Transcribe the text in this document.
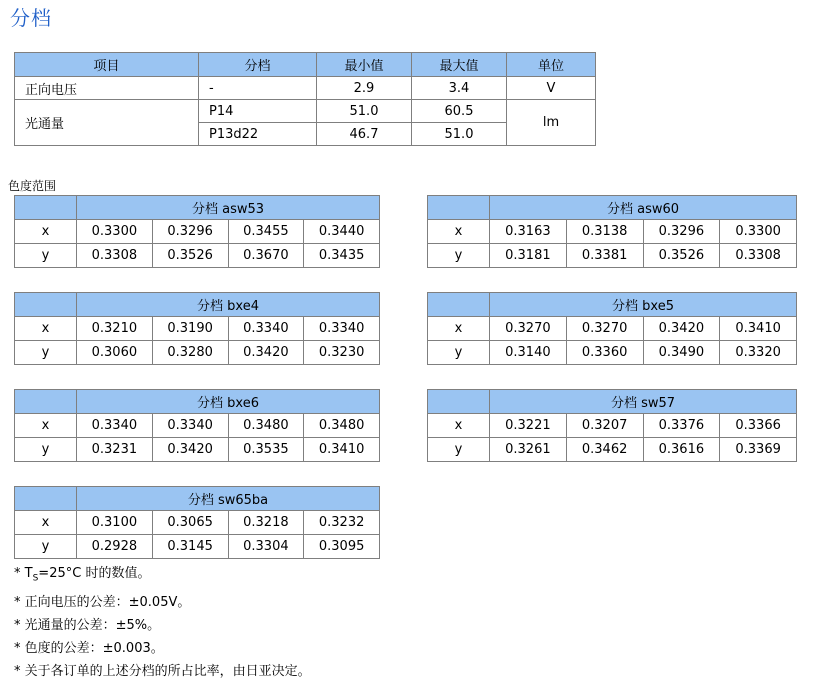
分档
项目	分档	最小值	最大值	单位
正向电压	-	2.9	3.4	V
光通量	P14	51.0	60.5	lm
	P13d22	46.7	51.0	
色度范围
	分档 asw53			
x	0.3300	0.3296	0.3455	0.3440
y	0.3308	0.3526	0.3670	0.3435
	分档 asw60			
x	0.3163	0.3138	0.3296	0.3300
y	0.3181	0.3381	0.3526	0.3308
	分档 bxe4			
x	0.3210	0.3190	0.3340	0.3340
y	0.3060	0.3280	0.3420	0.3230
	分档 bxe5			
x	0.3270	0.3270	0.3420	0.3410
y	0.3140	0.3360	0.3490	0.3320
	分档 bxe6			
x	0.3340	0.3340	0.3480	0.3480
y	0.3231	0.3420	0.3535	0.3410
	分档 sw57			
x	0.3221	0.3207	0.3376	0.3366
y	0.3261	0.3462	0.3616	0.3369
	分档 sw65ba			
x	0.3100	0.3065	0.3218	0.3232
y	0.2928	0.3145	0.3304	0.3095
* $T_S=25^\circ C$ 时的数值。
* 正向电压的公差：±0.05V。
* 光通量的公差：±5%。
* 色度的公差：±0.003。
* 关于各订单的上述分档的所占比率，由日亚决定。
